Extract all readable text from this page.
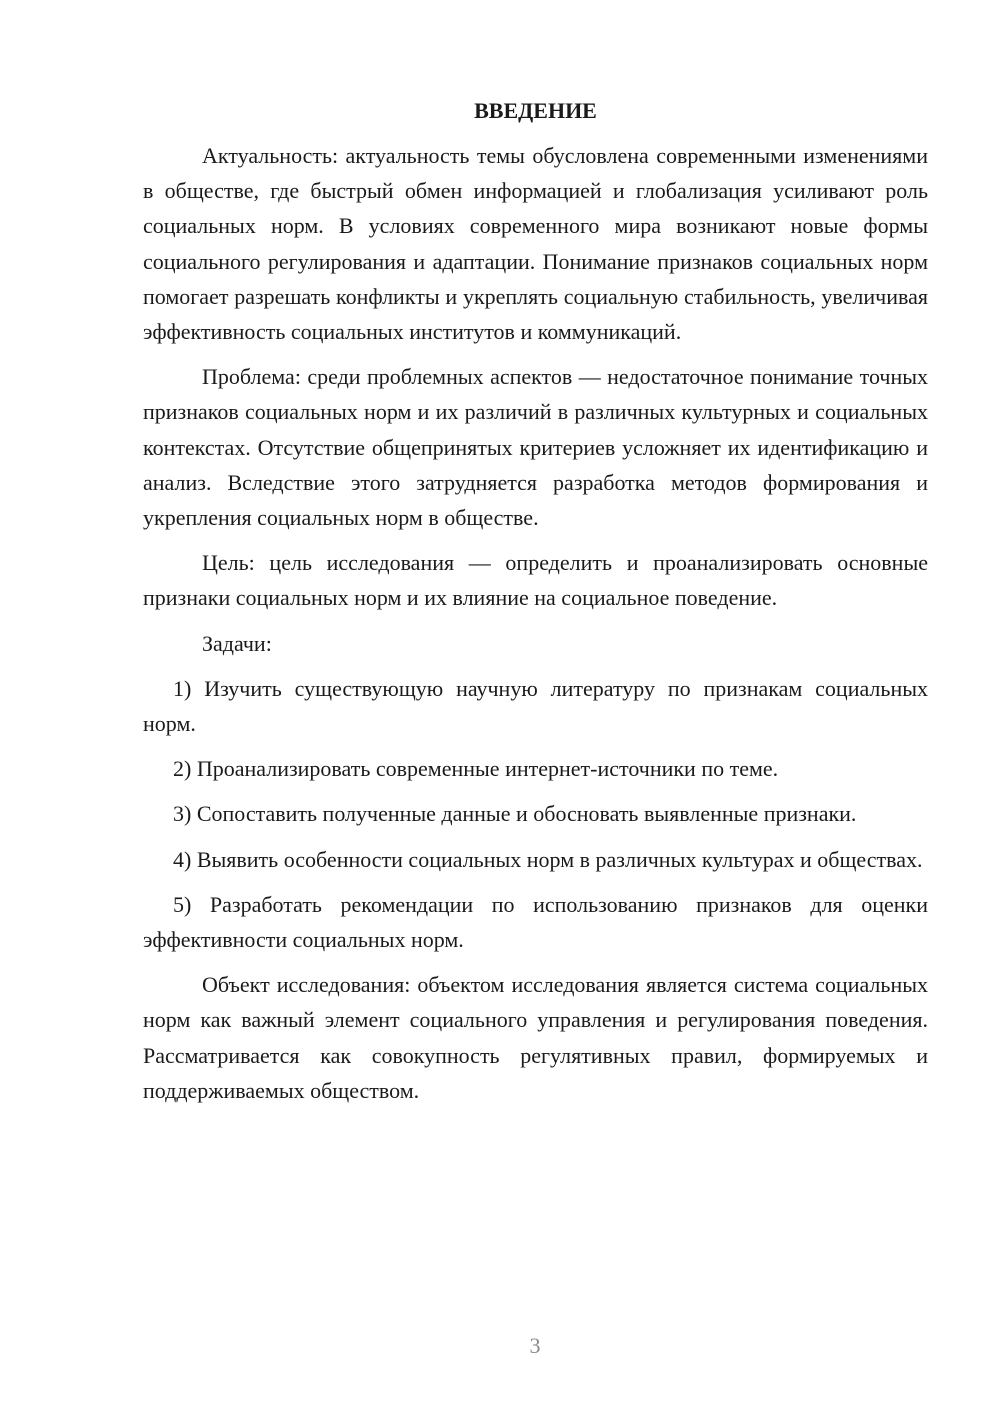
ВВЕДЕНИЕ

Актуальность: актуальность темы обусловлена современными изменениями в обществе, где быстрый обмен информацией и глобализация усиливают роль социальных норм. В условиях современного мира возникают новые формы социального регулирования и адаптации. Понимание признаков социальных норм помогает разрешать конфликты и укреплять социальную стабильность, увеличивая эффективность социальных институтов и коммуникаций.

Проблема: среди проблемных аспектов — недостаточное понимание точных признаков социальных норм и их различий в различных культурных и социальных контекстах. Отсутствие общепринятых критериев усложняет их идентификацию и анализ. Вследствие этого затрудняется разработка методов формирования и укрепления социальных норм в обществе.

Цель: цель исследования — определить и проанализировать основные признаки социальных норм и их влияние на социальное поведение.

Задачи:

1) Изучить существующую научную литературу по признакам социальных норм.

2) Проанализировать современные интернет-источники по теме.

3) Сопоставить полученные данные и обосновать выявленные признаки.

4) Выявить особенности социальных норм в различных культурах и обществах.

5) Разработать рекомендации по использованию признаков для оценки эффективности социальных норм.

Объект исследования: объектом исследования является система социальных норм как важный элемент социального управления и регулирования поведения. Рассматривается как совокупность регулятивных правил, формируемых и поддерживаемых обществом.

3
